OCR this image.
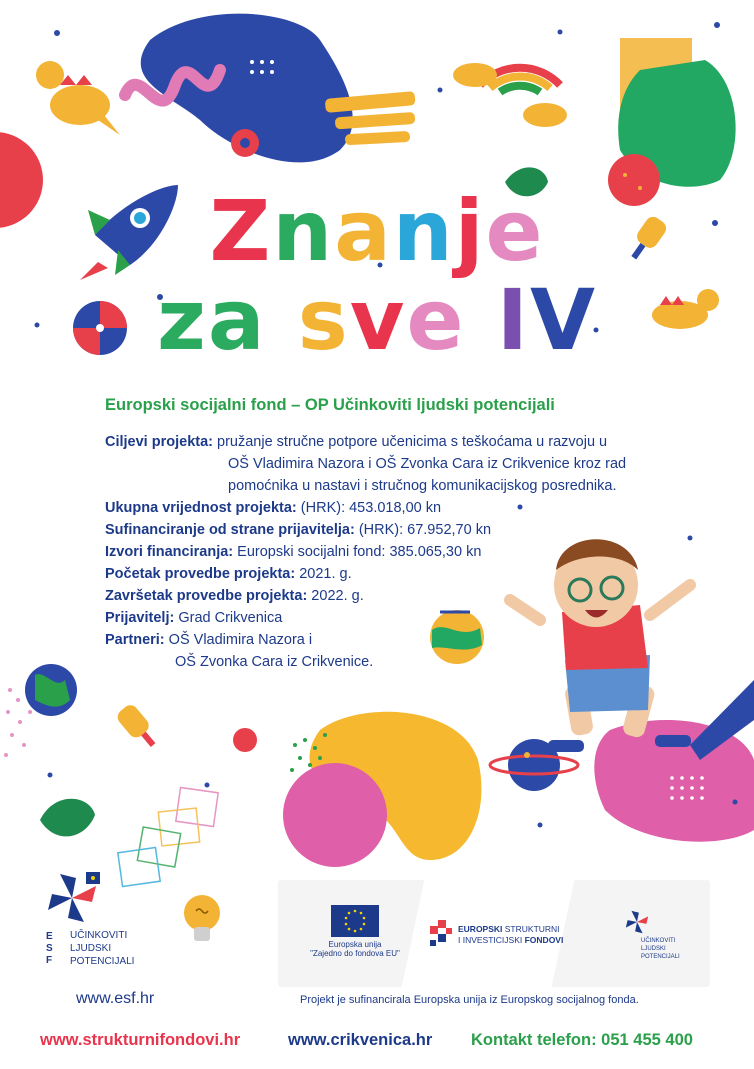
Znanje
za sve IV
Europski socijalni fond – OP Učinkoviti ljudski potencijali
Ciljevi projekta: pružanje stručne potpore učenicima s teškoćama u razvoju u
OŠ Vladimira Nazora i OŠ Zvonka Cara iz Crikvenice kroz rad
pomoćnika u nastavi i stručnog komunikacijskog posrednika.
Ukupna vrijednost projekta: (HRK): 453.018,00 kn
Sufinanciranje od strane prijavitelja: (HRK): 67.952,70 kn
Izvori financiranja: Europski socijalni fond: 385.065,30 kn
Početak provedbe projekta: 2021. g.
Završetak provedbe projekta: 2022. g.
Prijavitelj: Grad Crikvenica
Partneri: OŠ Vladimira Nazora i
OŠ Zvonka Cara iz Crikvenice.
E S F
UČINKOVITI
LJUDSKI
POTENCIJALI
www.esf.hr
Europska unija
"Zajedno do fondova EU"
EUROPSKI STRUKTURNI
I INVESTICIJSKI FONDOVI	UČINKOVITI
LJUDSKI
POTENCIJALI
Projekt je sufinancirala Europska unija iz Europskog socijalnog fonda.
www.strukturnifondovi.hr	www.crikvenica.hr Kontakt telefon: 051 455 400
